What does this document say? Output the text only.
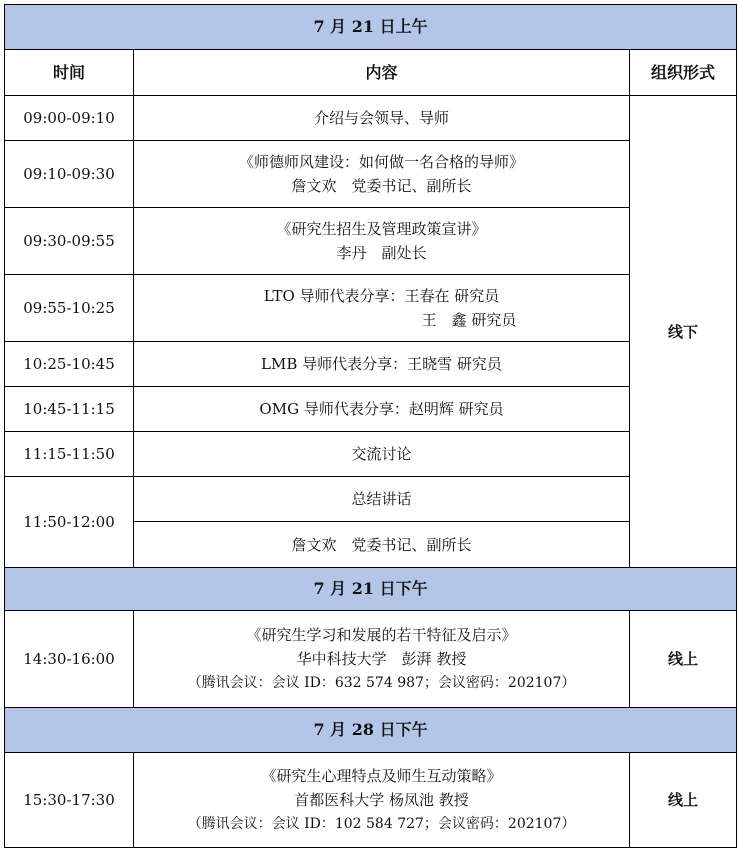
7 月 21 日上午		
时间	内容	组织形式
09:00-09:10	介绍与会领导、导师	线下
09:10-09:30	《师德师风建设：如何做一名合格的导师》
詹文欢　党委书记、副所长	

09:30-09:55	《研究生招生及管理政策宣讲》
李丹　副处长	

09:55-10:25	LTO 导师代表分享：王春在 研究员
王　鑫 研究员	

10:25-10:45	LMB 导师代表分享：王晓雪 研究员	

10:45-11:15	OMG 导师代表分享：赵明辉 研究员	

11:15-11:50	交流讨论	

11:50-12:00	总结讲话	

	詹文欢　党委书记、副所长	

7 月 21 日下午		
14:30-16:00	《研究生学习和发展的若干特征及启示》
华中科技大学　彭湃 教授
（腾讯会议：会议 ID：632 574 987；会议密码：202107）	线上
7 月 28 日下午		
15:30-17:30	《研究生心理特点及师生互动策略》
首都医科大学 杨凤池 教授
（腾讯会议：会议 ID：102 584 727；会议密码：202107）	线上
